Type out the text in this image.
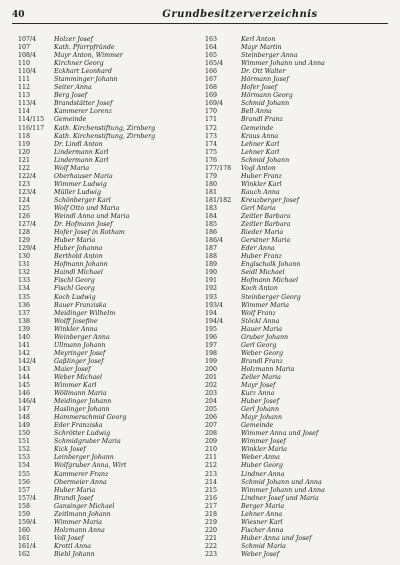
40	Grundbesitzerverzeichnis
107/4	Holzer Josef
107	Kath. Pfarrpfründe
108/4	Mayr Anton, Wimmer
110	Kirchner Georg
110/4	Eckhart Leonhard
111	Stamminger Johann
112	Seiter Anna
113	Berg Josef
113/4	Brandstätter Josef
114	Kammerer Lorenz
114/115	Gemeinde
116/117	Kath. Kirchenstiftung, Zirnberg
118	Kath. Kirchenstiftung, Zirnberg
119	Dr. Lindl Anton
120	Lindermann Karl
121	Lindermann Karl
122	Wolf Maria
122/4	Oberhauser Maria
123	Wimmer Ludwig
123/4	Müller Ludwig
124	Schönberger Karl
125	Wolf Otto und Maria
126	Weindl Anna und Maria
127/4	Dr. Hofmann Josef
128	Hofer Josef in Rotham
129	Huber Maria
129/4	Huber Johanna
130	Berthold Anton
131	Hofmann Johann
132	Haindl Michael
133	Fischl Georg
134	Fischl Georg
135	Koch Ludwig
136	Bauer Franziska
137	Meidinger Wilhelm
138	Wolff Josefine
139	Winkler Anna
140	Weinberger Anna
141	Ullmann Johann
142	Meyringer Josef
142/4	Gaßlinger Josef
143	Maier Josef
144	Weber Michael
145	Wimmer Karl
146	Wöllmann Maria
146/4	Meidinger Johann
147	Haslinger Johann
148	Hammerschmid Georg
149	Eder Franziska
150	Schrötter Ludwig
151	Schmidgruber Maria
152	Kick Josef
153	Leinberger Johann
154	Wolfgruber Anna, Wirt
155	Kammerer Franz
156	Obermeier Anna
157	Huber Maria
157/4	Brandl Josef
158	Gansinger Michael
159	Zeitlmann Johann
159/4	Wimmer Maria
160	Holzmann Anna
161	Voll Josef
161/4	Krottl Anna
162	Biebl Johann
163	Kerl Anton
164	Mayr Martin
165	Steinberger Anna
165/4	Wimmer Johann und Anna
166	Dr. Ott Walter
167	Hörmann Josef
168	Hofer Josef
169	Hörmann Georg
169/4	Schmid Johann
170	Bell Anna
171	Brandl Franz
172	Gemeinde
173	Kraus Anna
174	Lehner Karl
175	Lehner Karl
176	Schmid Johann
177/178	Vogl Anton
179	Huber Franz
180	Winkler Karl
181	Rauch Anna
181/182	Kreuzberger Josef
183	Gerl Maria
184	Zeitler Barbara
185	Zeitler Barbara
186	Rieder Maria
186/4	Gerstner Maria
187	Eder Anna
188	Huber Franz
189	Englschalk Johann
190	Seidl Michael
191	Hofmann Michael
192	Koch Anton
193	Steinberger Georg
193/4	Wimmer Maria
194	Wolf Franz
194/4	Stöckl Anna
195	Hauer Maria
196	Gruber Johann
197	Gerl Georg
198	Weber Georg
199	Brandl Franz
200	Holzmann Maria
201	Zeller Maria
202	Mayr Josef
203	Kurz Anna
204	Huber Josef
205	Gerl Johann
206	Mayr Johann
207	Gemeinde
208	Wimmer Anna und Josef
209	Wimmer Josef
210	Winkler Maria
211	Weber Anna
212	Huber Georg
213	Lindner Anna
214	Schmid Johann und Anna
215	Wimmer Johann und Anna
216	Lindner Josef und Maria
217	Berger Maria
218	Lehner Anna
219	Wiesner Karl
220	Fischer Anna
221	Huber Anna und Josef
222	Schmid Maria
223	Weber Josef
